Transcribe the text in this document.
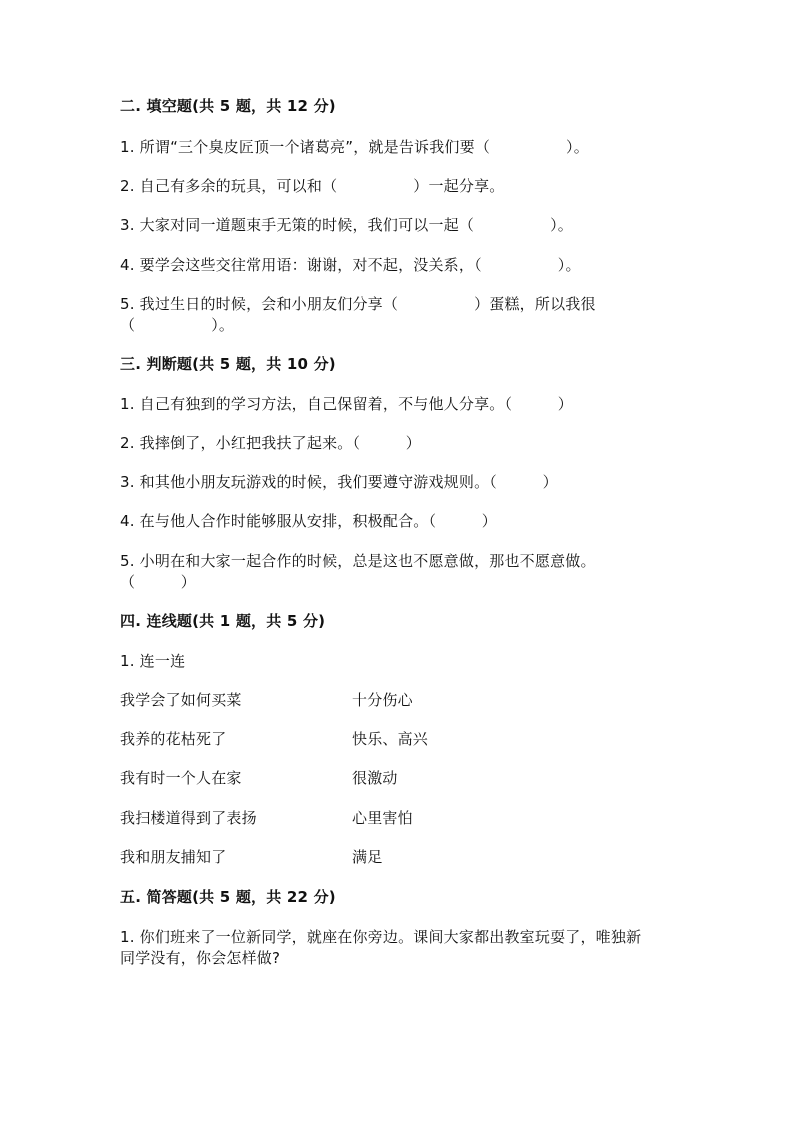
二. 填空题(共 5 题，共 12 分)
1. 所谓“三个臭皮匠顶一个诸葛亮”，就是告诉我们要（　　　　　）。
2. 自己有多余的玩具，可以和（　　　　　）一起分享。
3. 大家对同一道题束手无策的时候，我们可以一起（　　　　　）。
4. 要学会这些交往常用语：谢谢，对不起，没关系，（　　　　　）。
5. 我过生日的时候，会和小朋友们分享（　　　　　）蛋糕，所以我很
（　　　　　）。
三. 判断题(共 5 题，共 10 分)
1. 自己有独到的学习方法，自己保留着，不与他人分享。（　　　）
2. 我摔倒了，小红把我扶了起来。（　　　）
3. 和其他小朋友玩游戏的时候，我们要遵守游戏规则。（　　　）
4. 在与他人合作时能够服从安排，积极配合。（　　　）
5. 小明在和大家一起合作的时候，总是这也不愿意做，那也不愿意做。
（　　　）
四. 连线题(共 1 题，共 5 分)
1. 连一连
我学会了如何买菜	十分伤心
我养的花枯死了	快乐、高兴
我有时一个人在家	很激动
我扫楼道得到了表扬	心里害怕
我和朋友捕知了	满足
五. 简答题(共 5 题，共 22 分)
1. 你们班来了一位新同学，就座在你旁边。课间大家都出教室玩耍了，唯独新
同学没有，你会怎样做?
